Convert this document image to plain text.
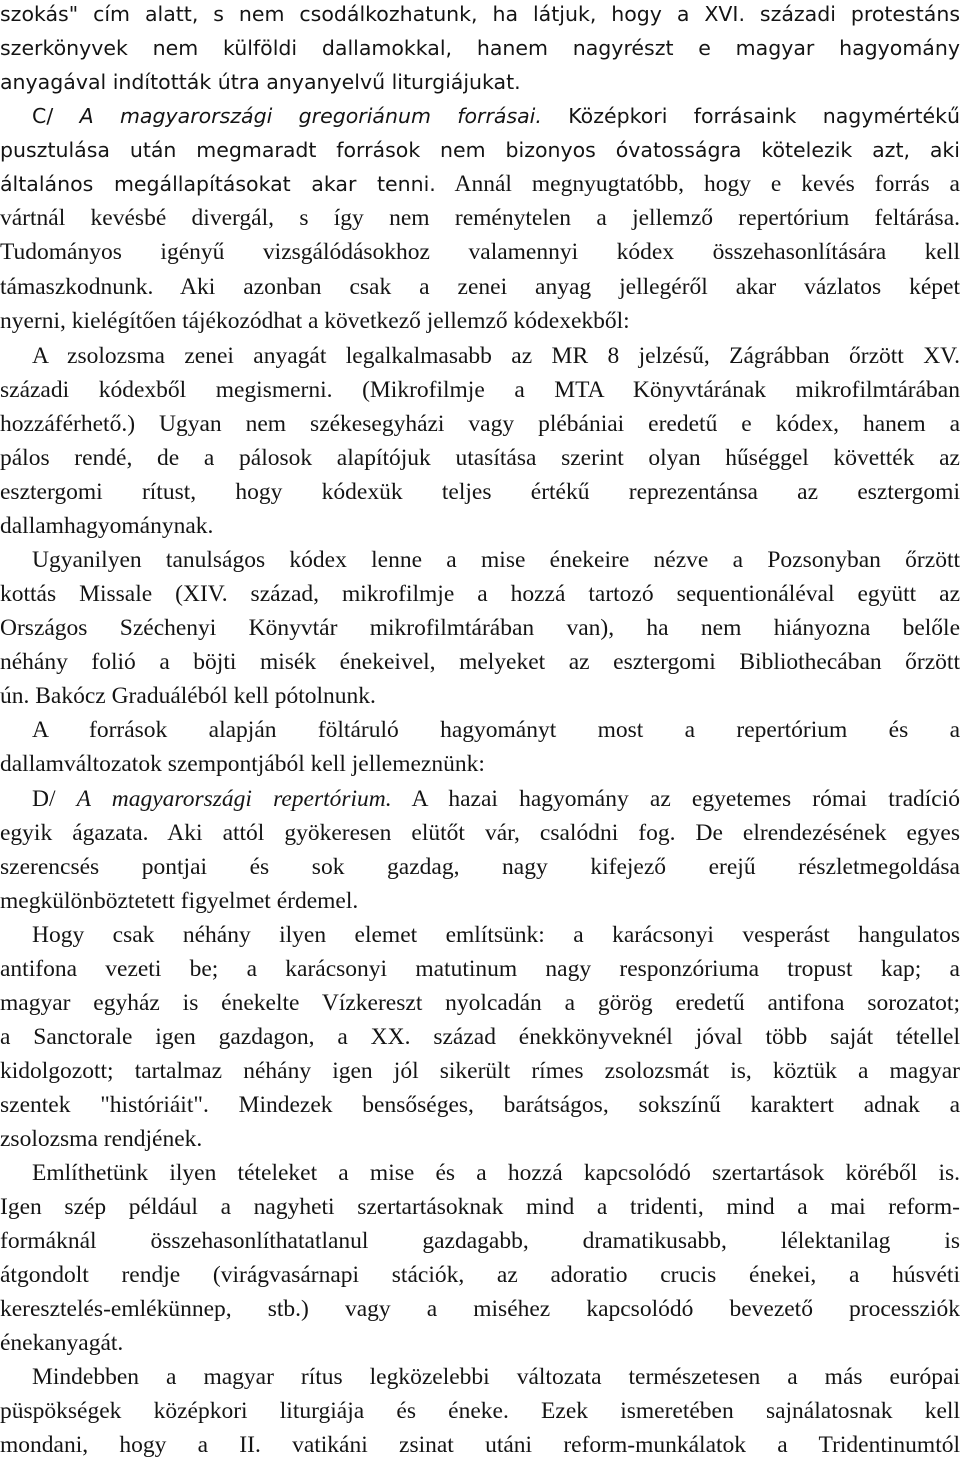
szokás" cím alatt, s nem csodálkozhatunk, ha látjuk, hogy a XVI. századi protestáns
szerkönyvek nem külföldi dallamokkal, hanem nagyrészt e magyar hagyomány
anyagával indították útra anyanyelvű liturgiájukat.
C/ A magyarországi gregoriánum forrásai. Középkori forrásaink nagymértékű
pusztulása után megmaradt források nem bizonyos óvatosságra kötelezik azt, aki
általános megállapításokat akar tenni. Annál megnyugtatóbb, hogy e kevés forrás a
vártnál kevésbé divergál, s így nem reménytelen a jellemző repertórium feltárása.
Tudományos igényű vizsgálódásokhoz valamennyi kódex összehasonlítására kell
támaszkodnunk. Aki azonban csak a zenei anyag jellegéről akar vázlatos képet
nyerni, kielégítően tájékozódhat a következő jellemző kódexekből:
A zsolozsma zenei anyagát legalkalmasabb az MR 8 jelzésű, Zágrábban őrzött XV.
századi kódexből megismerni. (Mikrofilmje a MTA Könyvtárának mikrofilmtárában
hozzáférhető.) Ugyan nem székesegyházi vagy plébániai eredetű e kódex, hanem a
pálos rendé, de a pálosok alapítójuk utasítása szerint olyan hűséggel követték az
esztergomi rítust, hogy kódexük teljes értékű reprezentánsa az esztergomi
dallamhagyománynak.
Ugyanilyen tanulságos kódex lenne a mise énekeire nézve a Pozsonyban őrzött
kottás Missale (XIV. század, mikrofilmje a hozzá tartozó sequentionáléval együtt az
Országos Széchenyi Könyvtár mikrofilmtárában van), ha nem hiányozna belőle
néhány folió a böjti misék énekeivel, melyeket az esztergomi Bibliothecában őrzött
ún. Bakócz Graduáléból kell pótolnunk.
A források alapján föltáruló hagyományt most a repertórium és a
dallamváltozatok szempontjából kell jellemeznünk:
D/ A magyarországi repertórium. A hazai hagyomány az egyetemes római tradíció
egyik ágazata. Aki attól gyökeresen elütőt vár, csalódni fog. De elrendezésének egyes
szerencsés pontjai és sok gazdag, nagy kifejező erejű részletmegoldása
megkülönböztetett figyelmet érdemel.
Hogy csak néhány ilyen elemet említsünk: a karácsonyi vesperást hangulatos
antifona vezeti be; a karácsonyi matutinum nagy responzóriuma tropust kap; a
magyar egyház is énekelte Vízkereszt nyolcadán a görög eredetű antifona sorozatot;
a Sanctorale igen gazdagon, a XX. század énekkönyveknél jóval több saját tétellel
kidolgozott; tartalmaz néhány igen jól sikerült rímes zsolozsmát is, köztük a magyar
szentek "históriáit". Mindezek bensőséges, barátságos, sokszínű karaktert adnak a
zsolozsma rendjének.
Említhetünk ilyen tételeket a mise és a hozzá kapcsolódó szertartások köréből is.
Igen szép például a nagyheti szertartásoknak mind a tridenti, mind a mai reform-
formáknál összehasonlíthatatlanul gazdagabb, dramatikusabb, lélektanilag is
átgondolt rendje (virágvasárnapi stációk, az adoratio crucis énekei, a húsvéti
keresztelés-emlékünnep, stb.) vagy a miséhez kapcsolódó bevezető processziók
énekanyagát.
Mindebben a magyar rítus legközelebbi változata természetesen a más európai
püspökségek középkori liturgiája és éneke. Ezek ismeretében sajnálatosnak kell
mondani, hogy a II. vatikáni zsinat utáni reform-munkálatok a Tridentinumtól
